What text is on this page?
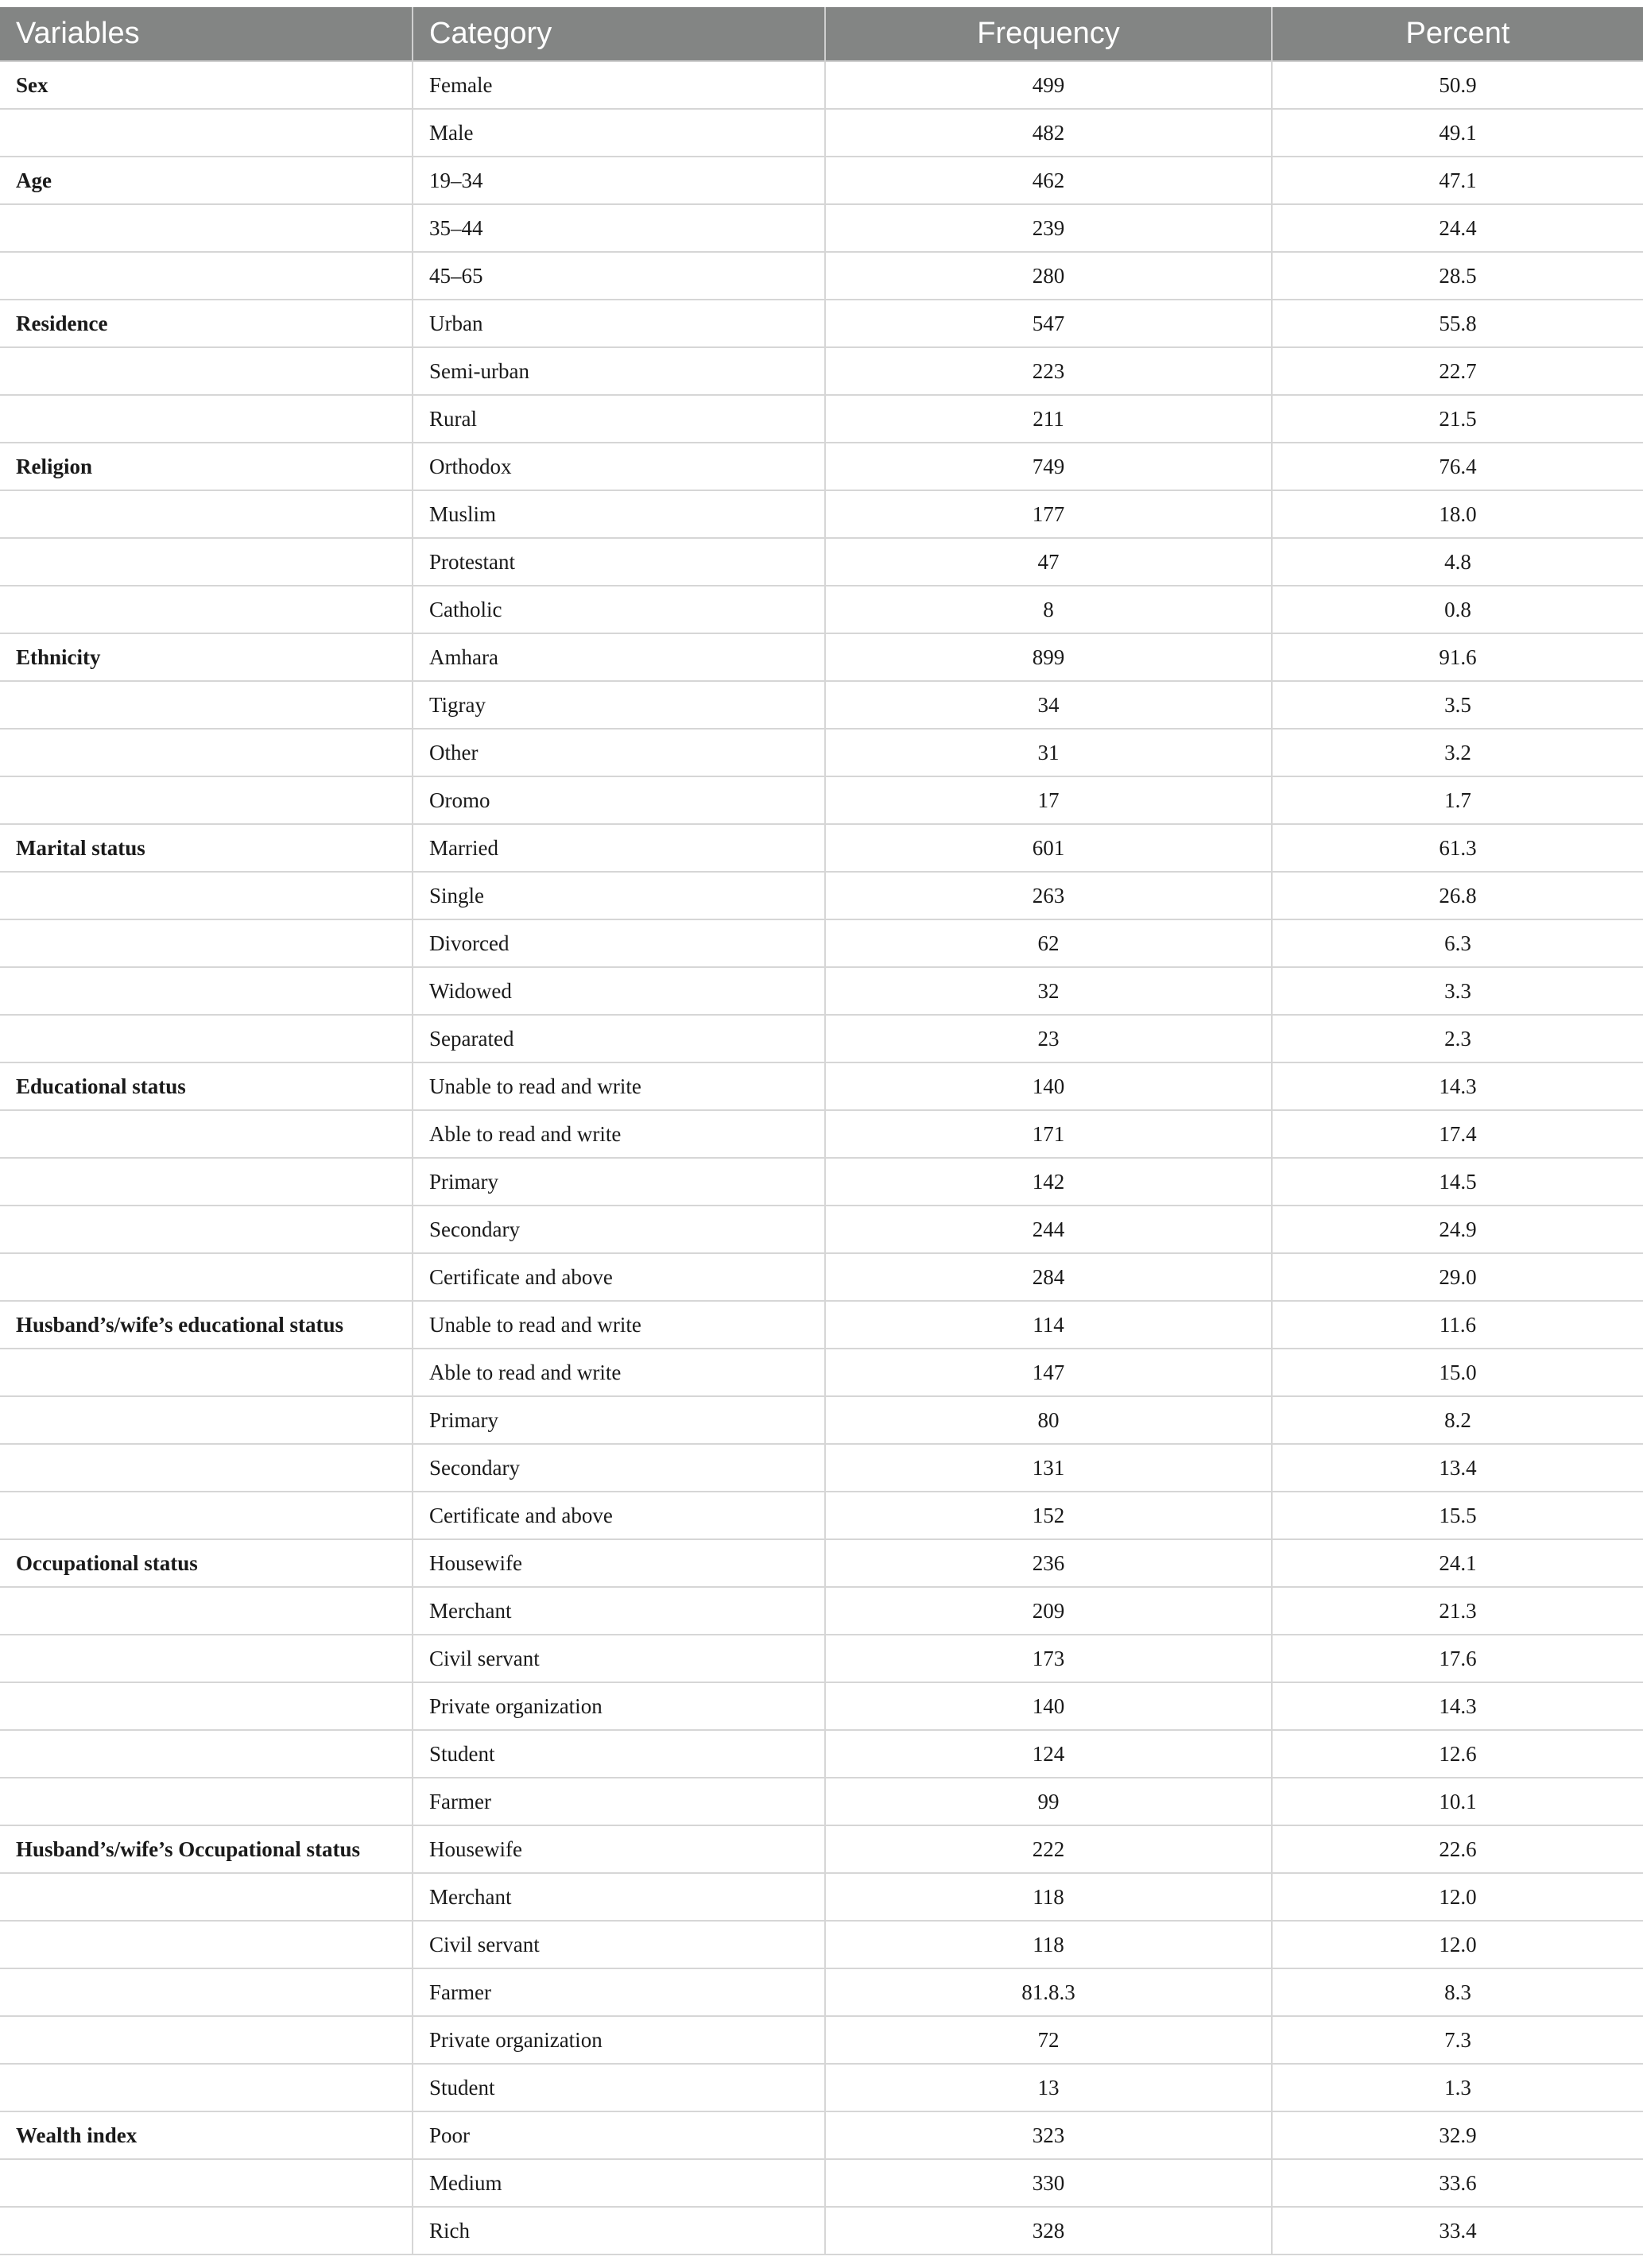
Variables	Category	Frequency	Percent
Sex	Female	499	50.9
	Male	482	49.1
Age	19–34	462	47.1
	35–44	239	24.4
	45–65	280	28.5
Residence	Urban	547	55.8
	Semi-urban	223	22.7
	Rural	211	21.5
Religion	Orthodox	749	76.4
	Muslim	177	18.0
	Protestant	47	4.8
	Catholic	8	0.8
Ethnicity	Amhara	899	91.6
	Tigray	34	3.5
	Other	31	3.2
	Oromo	17	1.7
Marital status	Married	601	61.3
	Single	263	26.8
	Divorced	62	6.3
	Widowed	32	3.3
	Separated	23	2.3
Educational status	Unable to read and write	140	14.3
	Able to read and write	171	17.4
	Primary	142	14.5
	Secondary	244	24.9
	Certificate and above	284	29.0
Husband’s/wife’s educational status	Unable to read and write	114	11.6
	Able to read and write	147	15.0
	Primary	80	8.2
	Secondary	131	13.4
	Certificate and above	152	15.5
Occupational status	Housewife	236	24.1
	Merchant	209	21.3
	Civil servant	173	17.6
	Private organization	140	14.3
	Student	124	12.6
	Farmer	99	10.1
Husband’s/wife’s Occupational status	Housewife	222	22.6
	Merchant	118	12.0
	Civil servant	118	12.0
	Farmer	81.8.3	8.3
	Private organization	72	7.3
	Student	13	1.3
Wealth index	Poor	323	32.9
	Medium	330	33.6
	Rich	328	33.4
